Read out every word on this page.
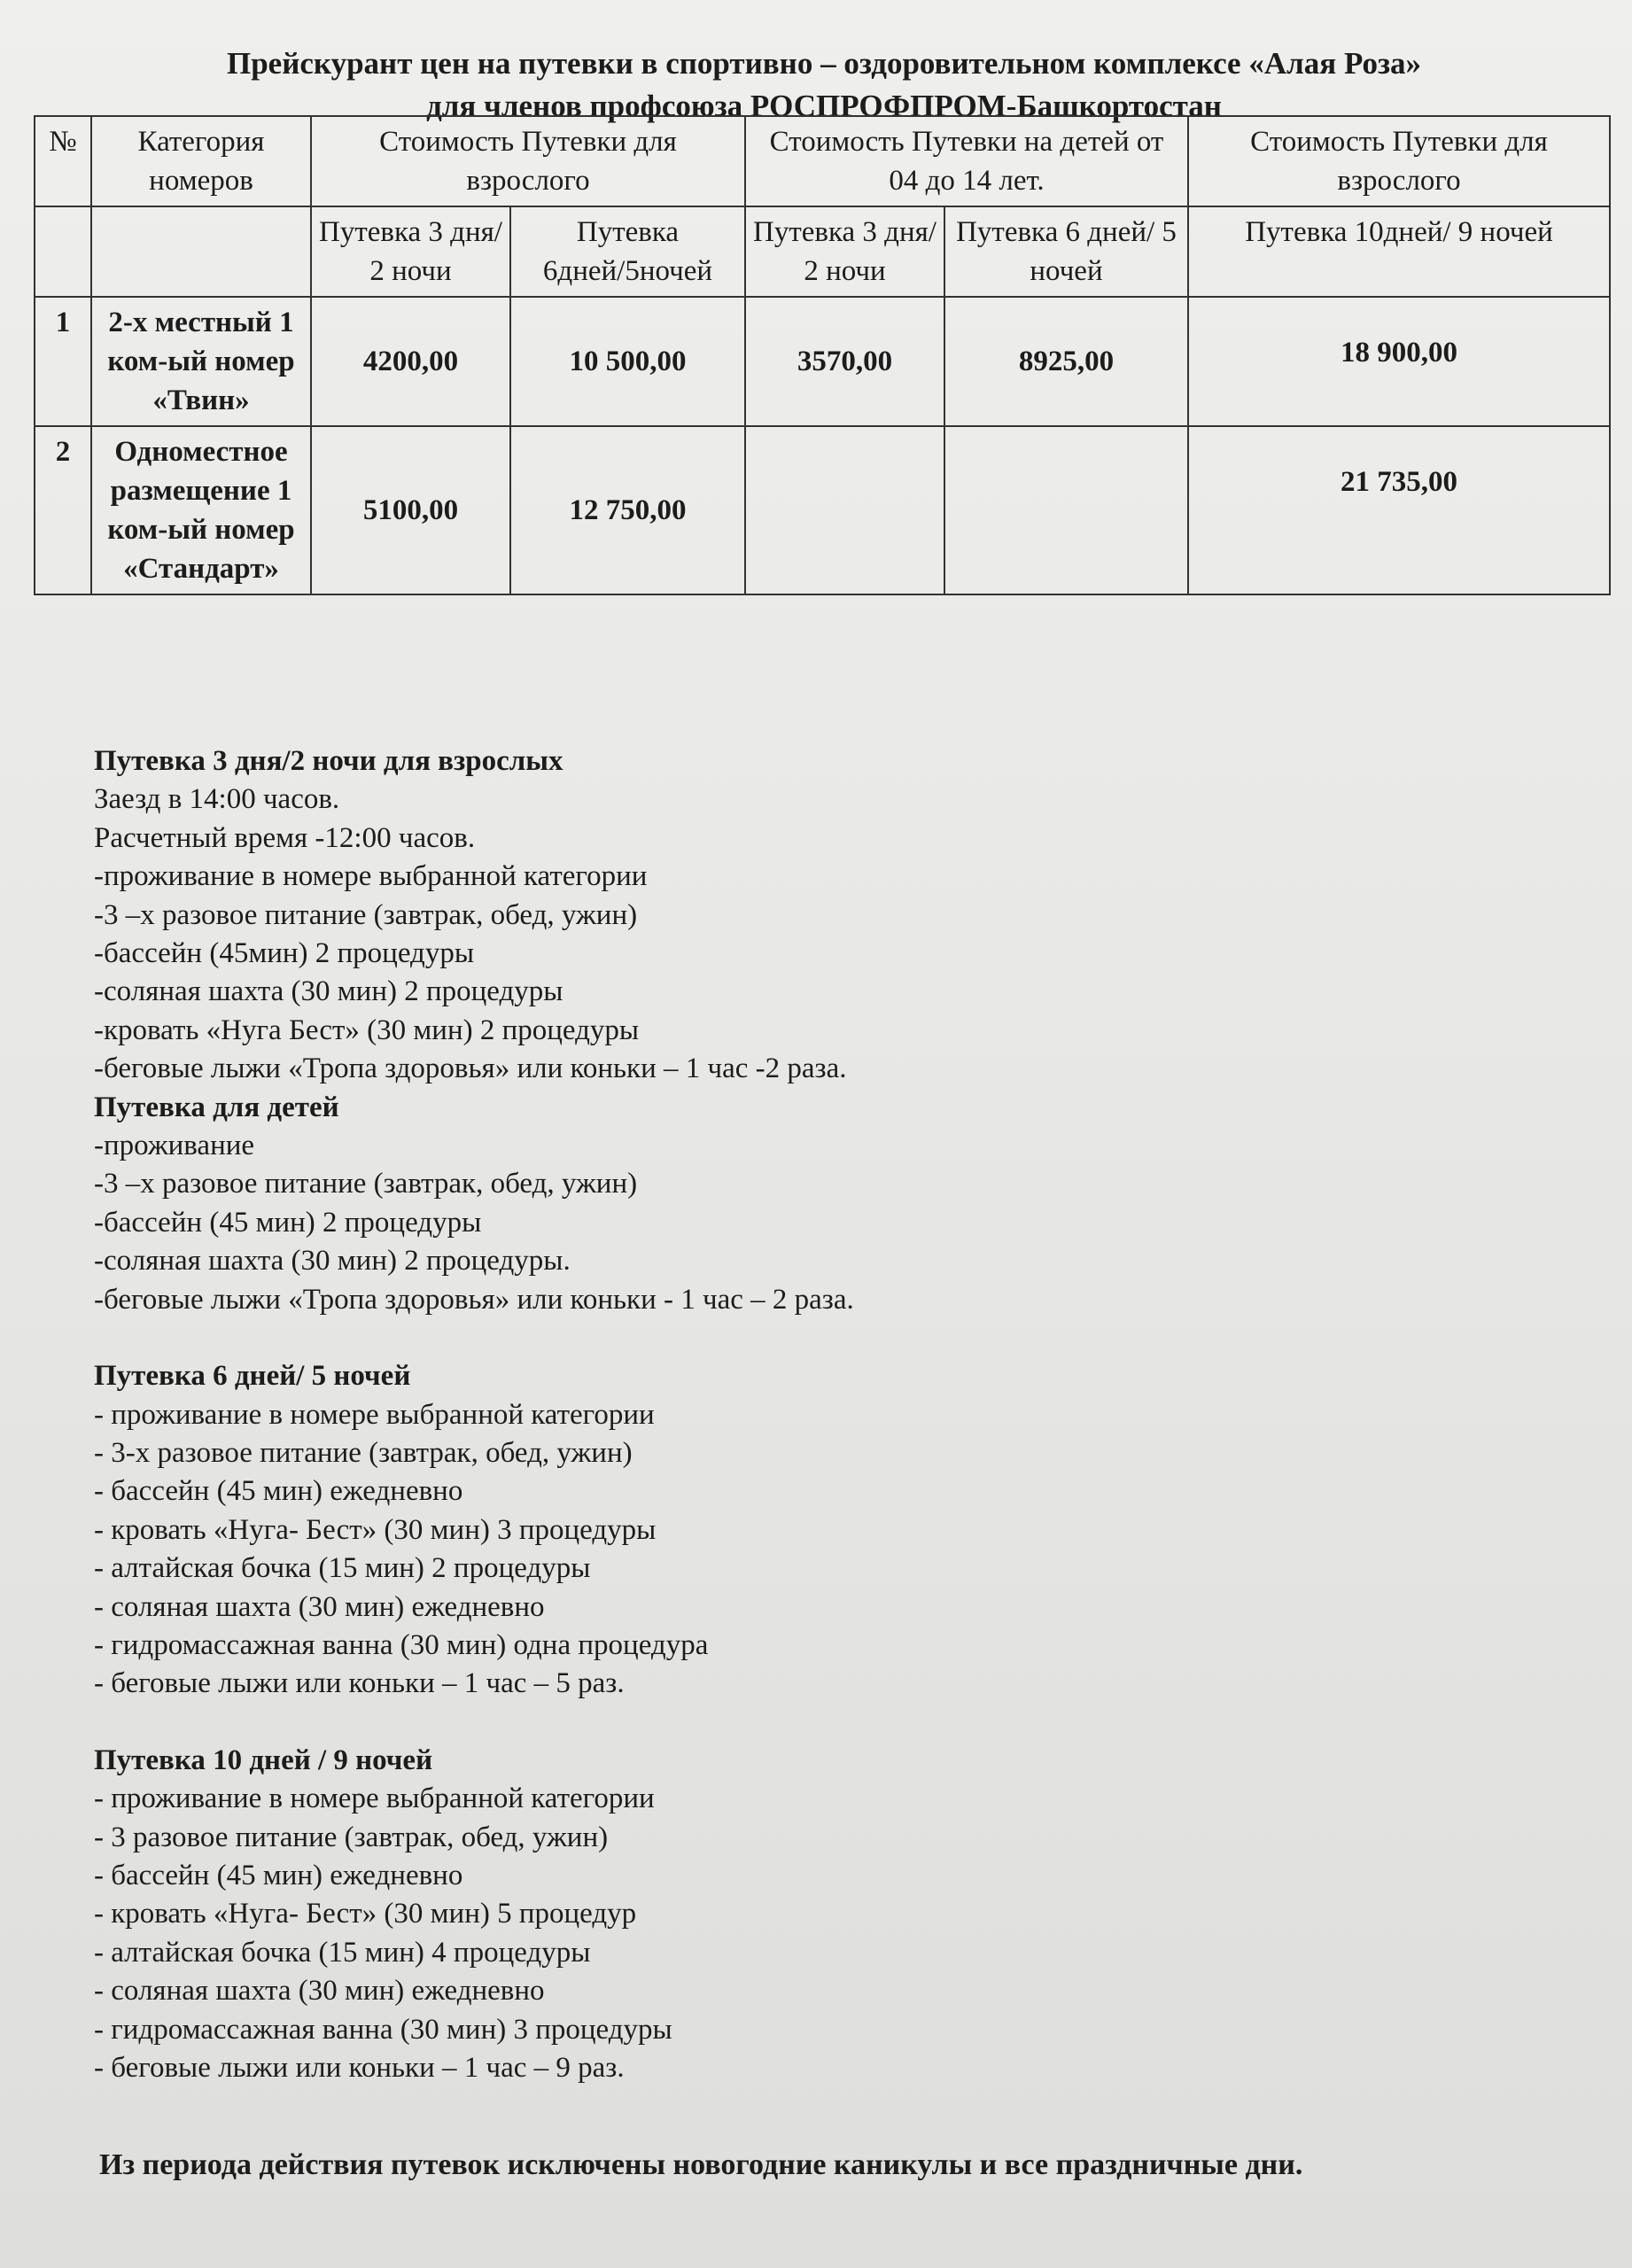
Прейскурант цен на путевки в спортивно – оздоровительном комплексе «Алая Роза»
для членов профсоюза РОСПРОФПРОМ-Башкортостан
№	Категория номеров	Стоимость Путевки для взрослого		Стоимость Путевки на детей от 04 до 14 лет.		Стоимость Путевки для взрослого
		Путевка 3 дня/ 2 ночи	Путевка 6дней/5ночей	Путевка 3 дня/ 2 ночи	Путевка 6 дней/ 5 ночей	Путевка 10дней/ 9 ночей
1	2-х местный 1 ком-ый номер «Твин»	4200,00	10 500,00	3570,00	8925,00	18 900,00
2	Одноместное размещение 1 ком-ый номер «Стандарт»	5100,00	12 750,00			21 735,00
Путевка 3 дня/2 ночи для взрослых
Заезд в 14:00 часов.
Расчетный время -12:00 часов.
-проживание в номере выбранной категории
-3 –х разовое питание (завтрак, обед, ужин)
-бассейн (45мин) 2 процедуры
-соляная шахта (30 мин) 2 процедуры
-кровать «Нуга Бест» (30 мин) 2 процедуры
-беговые лыжи «Тропа здоровья» или коньки – 1 час -2 раза.
Путевка для детей
-проживание
-3 –х разовое питание (завтрак, обед, ужин)
-бассейн (45 мин) 2 процедуры
-соляная шахта (30 мин) 2 процедуры.
-беговые лыжи «Тропа здоровья» или коньки - 1 час – 2 раза.
Путевка 6 дней/ 5 ночей
- проживание в номере выбранной категории
- 3-х разовое питание (завтрак, обед, ужин)
- бассейн (45 мин) ежедневно
- кровать «Нуга- Бест» (30 мин) 3 процедуры
- алтайская бочка (15 мин) 2 процедуры
- соляная шахта (30 мин) ежедневно
- гидромассажная ванна (30 мин) одна процедура
- беговые лыжи или коньки – 1 час – 5 раз.
Путевка 10 дней / 9 ночей
- проживание в номере выбранной категории
- 3 разовое питание (завтрак, обед, ужин)
- бассейн (45 мин) ежедневно
- кровать «Нуга- Бест» (30 мин) 5 процедур
- алтайская бочка (15 мин) 4 процедуры
- соляная шахта (30 мин) ежедневно
- гидромассажная ванна (30 мин) 3 процедуры
- беговые лыжи или коньки – 1 час – 9 раз.
Из периода действия путевок исключены новогодние каникулы и все праздничные дни.
